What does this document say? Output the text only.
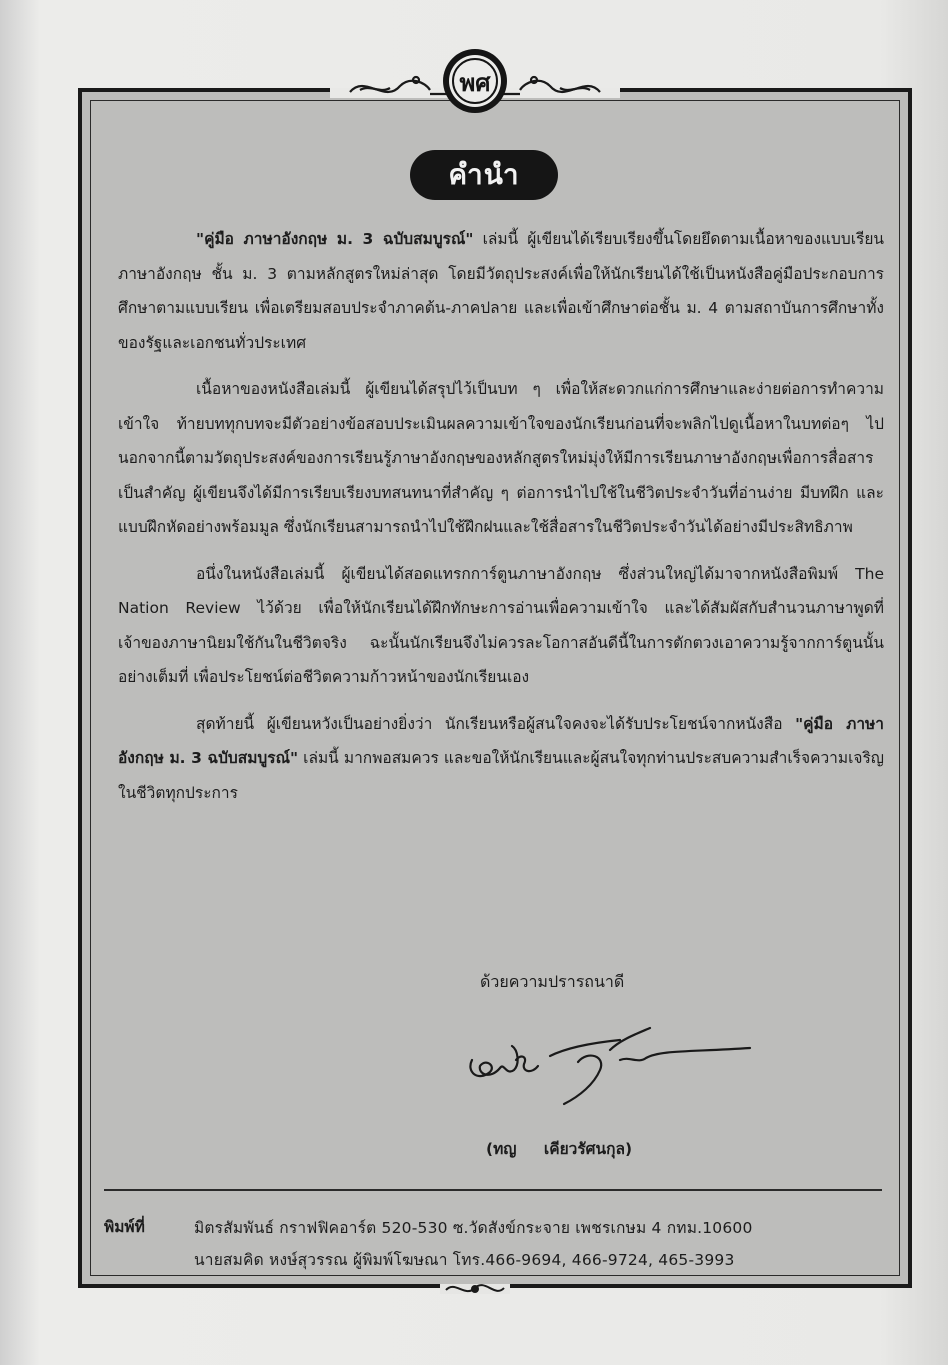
พศ
คำนำ

"คู่มือ ภาษาอังกฤษ ม. 3 ฉบับสมบูรณ์" เล่มนี้ ผู้เขียนได้เรียบเรียงขึ้นโดยยึดตามเนื้อหาของแบบเรียนภาษาอังกฤษ ชั้น ม. 3 ตามหลักสูตรใหม่ล่าสุด โดยมีวัตถุประสงค์เพื่อให้นักเรียนได้ใช้เป็นหนังสือคู่มือประกอบการศึกษาตามแบบเรียน เพื่อเตรียมสอบประจำภาคต้น-ภาคปลาย และเพื่อเข้าศึกษาต่อชั้น ม. 4 ตามสถาบันการศึกษาทั้งของรัฐและเอกชนทั่วประเทศ

เนื้อหาของหนังสือเล่มนี้ ผู้เขียนได้สรุปไว้เป็นบท ๆ เพื่อให้สะดวกแก่การศึกษาและง่ายต่อการทำความเข้าใจ ท้ายบททุกบทจะมีตัวอย่างข้อสอบประเมินผลความเข้าใจของนักเรียนก่อนที่จะพลิกไปดูเนื้อหาในบทต่อๆ ไป นอกจากนี้ตามวัตถุประสงค์ของการเรียนรู้ภาษาอังกฤษของหลักสูตรใหม่มุ่งให้มีการเรียนภาษาอังกฤษเพื่อการสื่อสารเป็นสำคัญ ผู้เขียนจึงได้มีการเรียบเรียงบทสนทนาที่สำคัญ ๆ ต่อการนำไปใช้ในชีวิตประจำวันที่อ่านง่าย มีบทฝึก และแบบฝึกหัดอย่างพร้อมมูล ซึ่งนักเรียนสามารถนำไปใช้ฝึกฝนและใช้สื่อสารในชีวิตประจำวันได้อย่างมีประสิทธิภาพ

อนึ่งในหนังสือเล่มนี้ ผู้เขียนได้สอดแทรกการ์ตูนภาษาอังกฤษ ซึ่งส่วนใหญ่ได้มาจากหนังสือพิมพ์ The Nation Review ไว้ด้วย เพื่อให้นักเรียนได้ฝึกทักษะการอ่านเพื่อความเข้าใจ และได้สัมผัสกับสำนวนภาษาพูดที่เจ้าของภาษานิยมใช้กันในชีวิตจริง ฉะนั้นนักเรียนจึงไม่ควรละโอกาสอันดีนี้ในการตักตวงเอาความรู้จากการ์ตูนนั้นอย่างเต็มที่ เพื่อประโยชน์ต่อชีวิตความก้าวหน้าของนักเรียนเอง

สุดท้ายนี้ ผู้เขียนหวังเป็นอย่างยิ่งว่า นักเรียนหรือผู้สนใจคงจะได้รับประโยชน์จากหนังสือ "คู่มือ ภาษาอังกฤษ ม. 3 ฉบับสมบูรณ์" เล่มนี้ มากพอสมควร และขอให้นักเรียนและผู้สนใจทุกท่านประสบความสำเร็จความเจริญในชีวิตทุกประการ

ด้วยความปรารถนาดี
(ทญ เคียวรัศนกุล)
พิมพ์ที่	มิตรสัมพันธ์ กราฟฟิคอาร์ต 520-530 ซ.วัดสังข์กระจาย เพชรเกษม 4 กทม.10600
นายสมคิด หงษ์สุวรรณ ผู้พิมพ์โฆษณา โทร.466-9694, 466-9724, 465-3993
